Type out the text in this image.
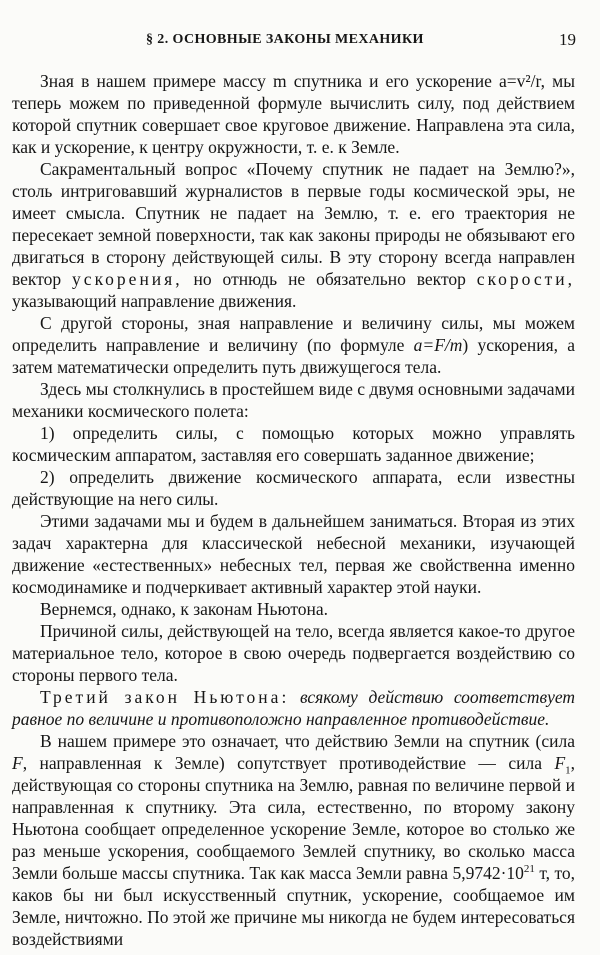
§ 2. ОСНОВНЫЕ ЗАКОНЫ МЕХАНИКИ	19

Зная в нашем примере массу m спутника и его ускорение a=v²/r, мы теперь можем по приведенной формуле вычислить силу, под действием которой спутник совершает свое круговое движение. Направлена эта сила, как и ускорение, к центру окружности, т. е. к Земле.

Сакраментальный вопрос «Почему спутник не падает на Землю?», столь интриговавший журналистов в первые годы космической эры, не имеет смысла. Спутник не падает на Землю, т. е. его траектория не пересекает земной поверхности, так как законы природы не обязывают его двигаться в сторону действующей силы. В эту сторону всегда направлен вектор ускорения, но отнюдь не обязательно вектор скорости, указывающий направление движения.

С другой стороны, зная направление и величину силы, мы можем определить направление и величину (по формуле a=F/m) ускорения, а затем математически определить путь движущегося тела.

Здесь мы столкнулись в простейшем виде с двумя основными задачами механики космического полета:

1) определить силы, с помощью которых можно управлять космическим аппаратом, заставляя его совершать заданное движение;

2) определить движение космического аппарата, если известны действующие на него силы.

Этими задачами мы и будем в дальнейшем заниматься. Вторая из этих задач характерна для классической небесной механики, изучающей движение «естественных» небесных тел, первая же свойственна именно космодинамике и подчеркивает активный характер этой науки.

Вернемся, однако, к законам Ньютона.

Причиной силы, действующей на тело, всегда является какое-то другое материальное тело, которое в свою очередь подвергается воздействию со стороны первого тела.

Третий закон Ньютона: всякому действию соответствует равное по величине и противоположно направленное противодействие.

В нашем примере это означает, что действию Земли на спутник (сила F, направленная к Земле) сопутствует противодействие — сила $F_1$, действующая со стороны спутника на Землю, равная по величине первой и направленная к спутнику. Эта сила, естественно, по второму закону Ньютона сообщает определенное ускорение Земле, которое во столько же раз меньше ускорения, сообщаемого Землей спутнику, во сколько масса Земли больше массы спутника. Так как масса Земли равна $5,9742\cdot 10^{21}$ т, то, каков бы ни был искусственный спутник, ускорение, сообщаемое им Земле, ничтожно. По этой же причине мы никогда не будем интересоваться воздействиями
